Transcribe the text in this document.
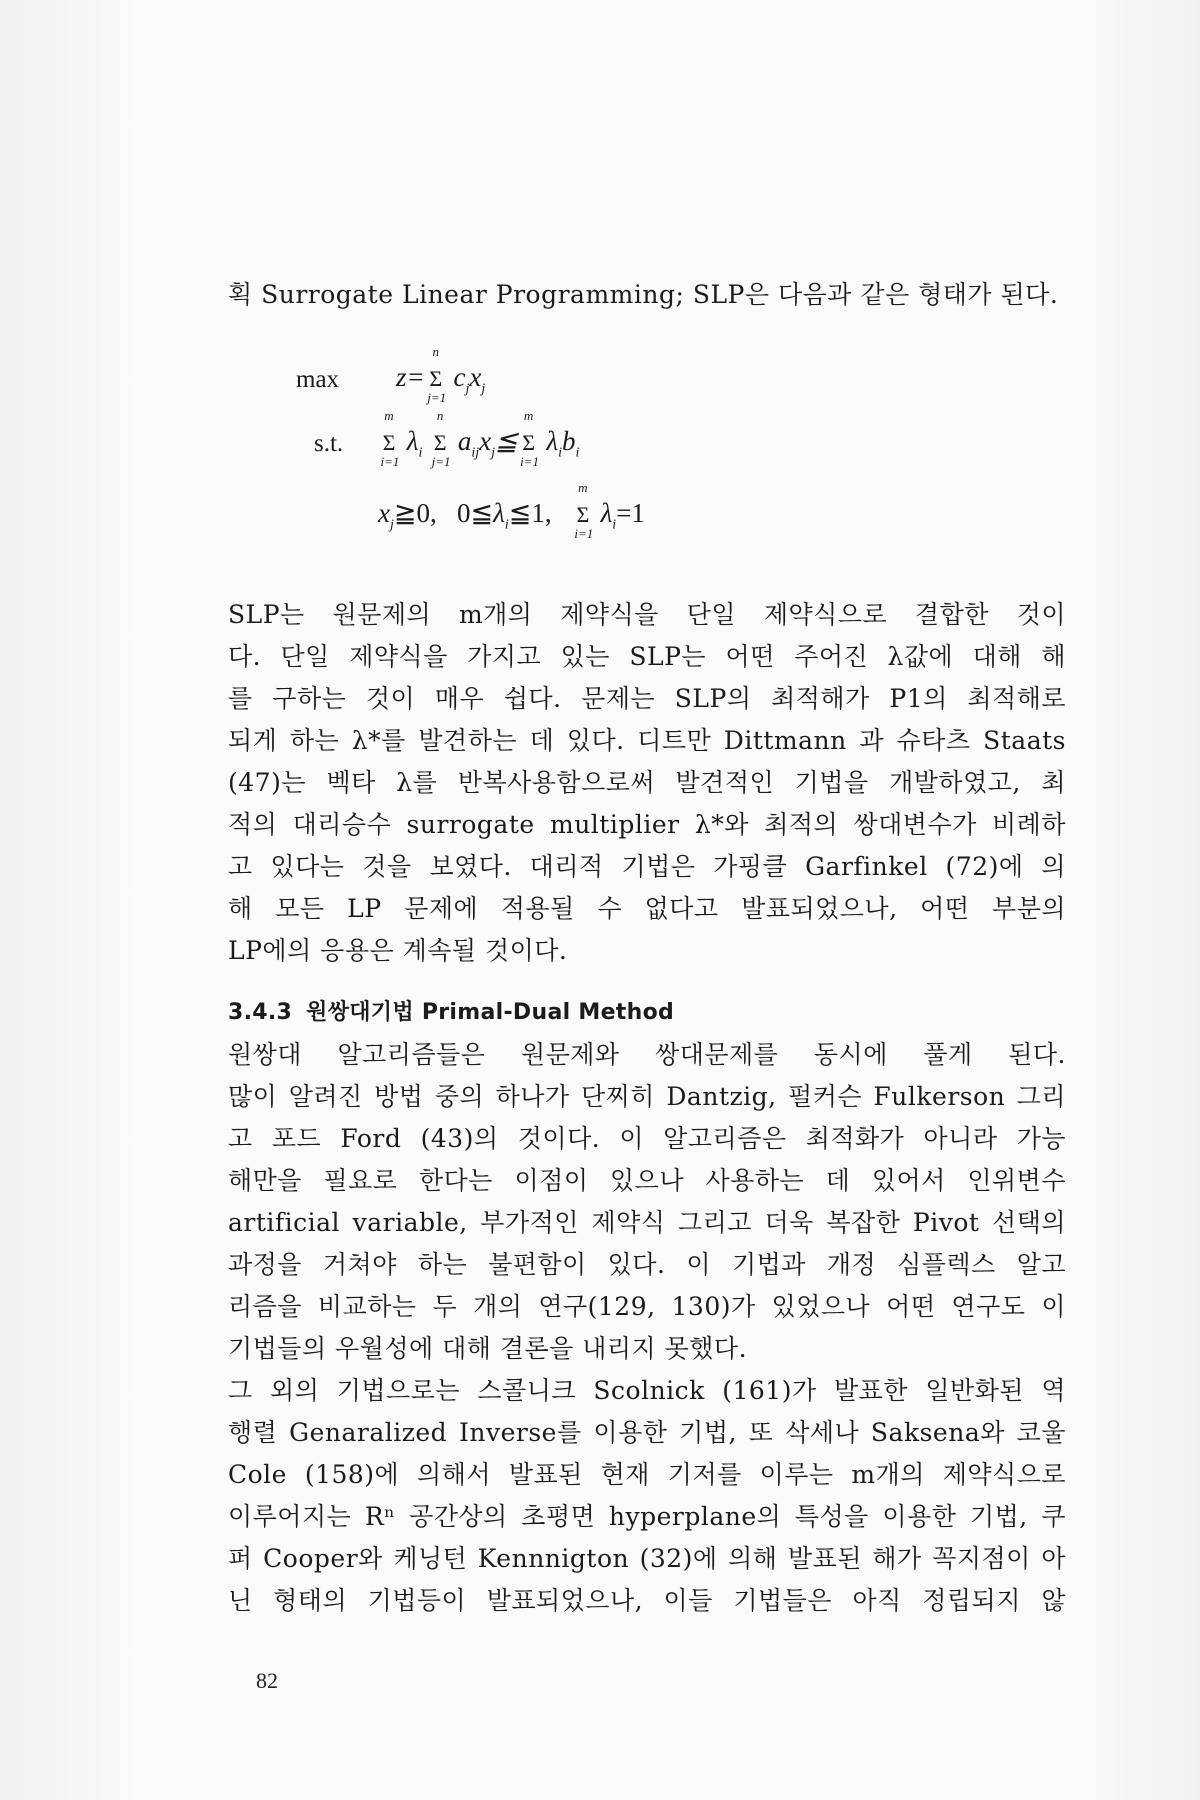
획 Surrogate Linear Programming; SLP은 다음과 같은 형태가 된다.
max z= Σ
n
j=1
$c_jx_j$
s.t. Σ
m
i=1
$\lambda_i$ Σ
n
j=1
$a_{ij}x_j≦$ Σ
m
i=1
$\lambda_ib_i$
$x_j≧0$,   $0≦\lambda_i≦1$,   Σ
m
i=1
$\lambda_i=1$
SLP는 원문제의 m개의 제약식을 단일 제약식으로 결합한 것이
다. 단일 제약식을 가지고 있는 SLP는 어떤 주어진 λ값에 대해 해
를 구하는 것이 매우 쉽다. 문제는 SLP의 최적해가 P1의 최적해로
되게 하는 λ*를 발견하는 데 있다. 디트만 Dittmann 과 슈타츠 Staats
(47)는 벡타 λ를 반복사용함으로써 발견적인 기법을 개발하였고, 최
적의 대리승수 surrogate multiplier λ*와 최적의 쌍대변수가 비례하
고 있다는 것을 보였다. 대리적 기법은 가핑클 Garfinkel (72)에 의
해 모든 LP 문제에 적용될 수 없다고 발표되었으나, 어떤 부분의
LP에의 응용은 계속될 것이다.
3.4.3 원쌍대기법 Primal-Dual Method
원쌍대 알고리즘들은 원문제와 쌍대문제를 동시에 풀게 된다.
많이 알려진 방법 중의 하나가 단찌히 Dantzig, 펄커슨 Fulkerson 그리
고 포드 Ford (43)의 것이다. 이 알고리즘은 최적화가 아니라 가능
해만을 필요로 한다는 이점이 있으나 사용하는 데 있어서 인위변수
artificial variable, 부가적인 제약식 그리고 더욱 복잡한 Pivot 선택의
과정을 거쳐야 하는 불편함이 있다. 이 기법과 개정 심플렉스 알고
리즘을 비교하는 두 개의 연구(129, 130)가 있었으나 어떤 연구도 이
기법들의 우월성에 대해 결론을 내리지 못했다.
그 외의 기법으로는 스콜니크 Scolnick (161)가 발표한 일반화된 역
행렬 Genaralized Inverse를 이용한 기법, 또 삭세나 Saksena와 코울
Cole (158)에 의해서 발표된 현재 기저를 이루는 m개의 제약식으로
이루어지는 Rⁿ 공간상의 초평면 hyperplane의 특성을 이용한 기법, 쿠
퍼 Cooper와 케닝턴 Kennnigton (32)에 의해 발표된 해가 꼭지점이 아
닌 형태의 기법등이 발표되었으나, 이들 기법들은 아직 정립되지 않
82
